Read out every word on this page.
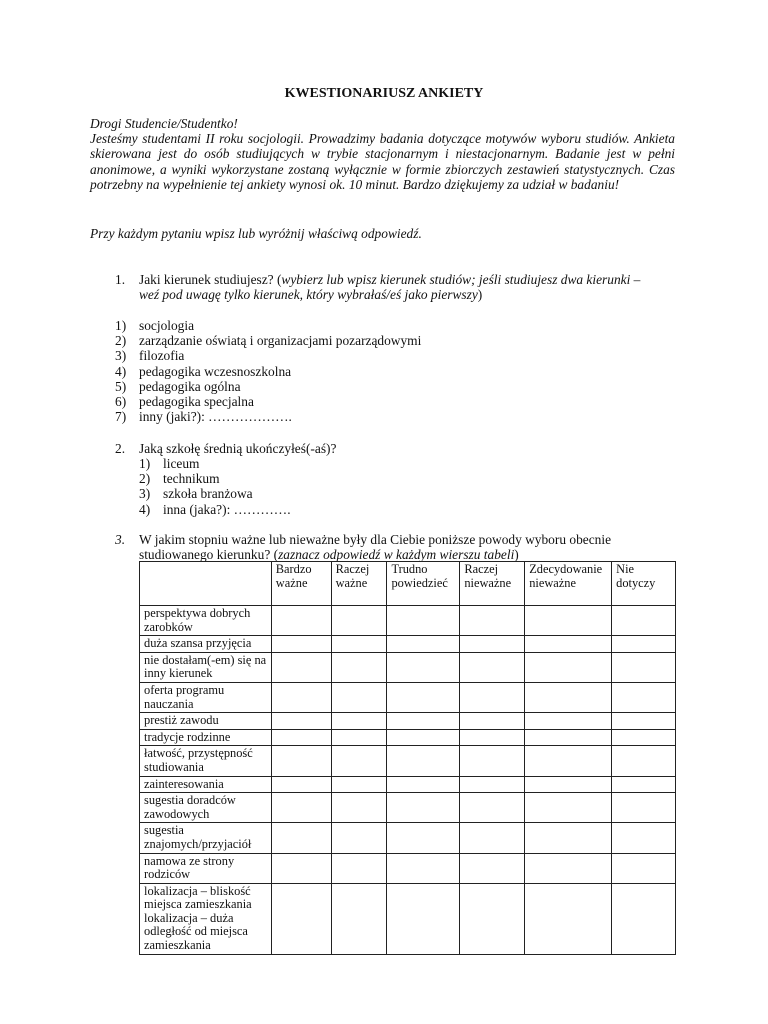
KWESTIONARIUSZ ANKIETY

Drogi Studencie/Studentko!

Jesteśmy studentami II roku socjologii. Prowadzimy badania dotyczące motywów wyboru studiów. Ankieta skierowana jest do osób studiujących w trybie stacjonarnym i niestacjonarnym. Badanie jest w pełni anonimowe, a wyniki wykorzystane zostaną wyłącznie w formie zbiorczych zestawień statystycznych. Czas potrzebny na wypełnienie tej ankiety wynosi ok. 10 minut. Bardzo dziękujemy za udział w badaniu!

Przy każdym pytaniu wpisz lub wyróżnij właściwą odpowiedź.
1. Jaki kierunek studiujesz? (wybierz lub wpisz kierunek studiów; jeśli studiujesz dwa kierunki –
weź pod uwagę tylko kierunek, który wybrałaś/eś jako pierwszy)
1) socjologia
2) zarządzanie oświatą i organizacjami pozarządowymi
3) filozofia
4) pedagogika wczesnoszkolna
5) pedagogika ogólna
6) pedagogika specjalna
7) inny (jaki?): ……………….
2. Jaką szkołę średnią ukończyłeś(-aś)?
1) liceum
2) technikum
3) szkoła branżowa
4) inna (jaka?): ………….
3. W jakim stopniu ważne lub nieważne były dla Ciebie poniższe powody wyboru obecnie
studiowanego kierunku? (zaznacz odpowiedź w każdym wierszu tabeli)
	Bardzo ważne	Raczej ważne	Trudno powiedzieć	Raczej nieważne	Zdecydowanie nieważne	Nie dotyczy
perspektywa dobrych zarobków						
duża szansa przyjęcia						
nie dostałam(-em) się na inny kierunek						
oferta programu nauczania						
prestiż zawodu						
tradycje rodzinne						
łatwość, przystępność studiowania						
zainteresowania						
sugestia doradców zawodowych						
sugestia znajomych/przyjaciół						
namowa ze strony rodziców						
lokalizacja – bliskość miejsca zamieszkania lokalizacja – duża odległość od miejsca zamieszkania						
